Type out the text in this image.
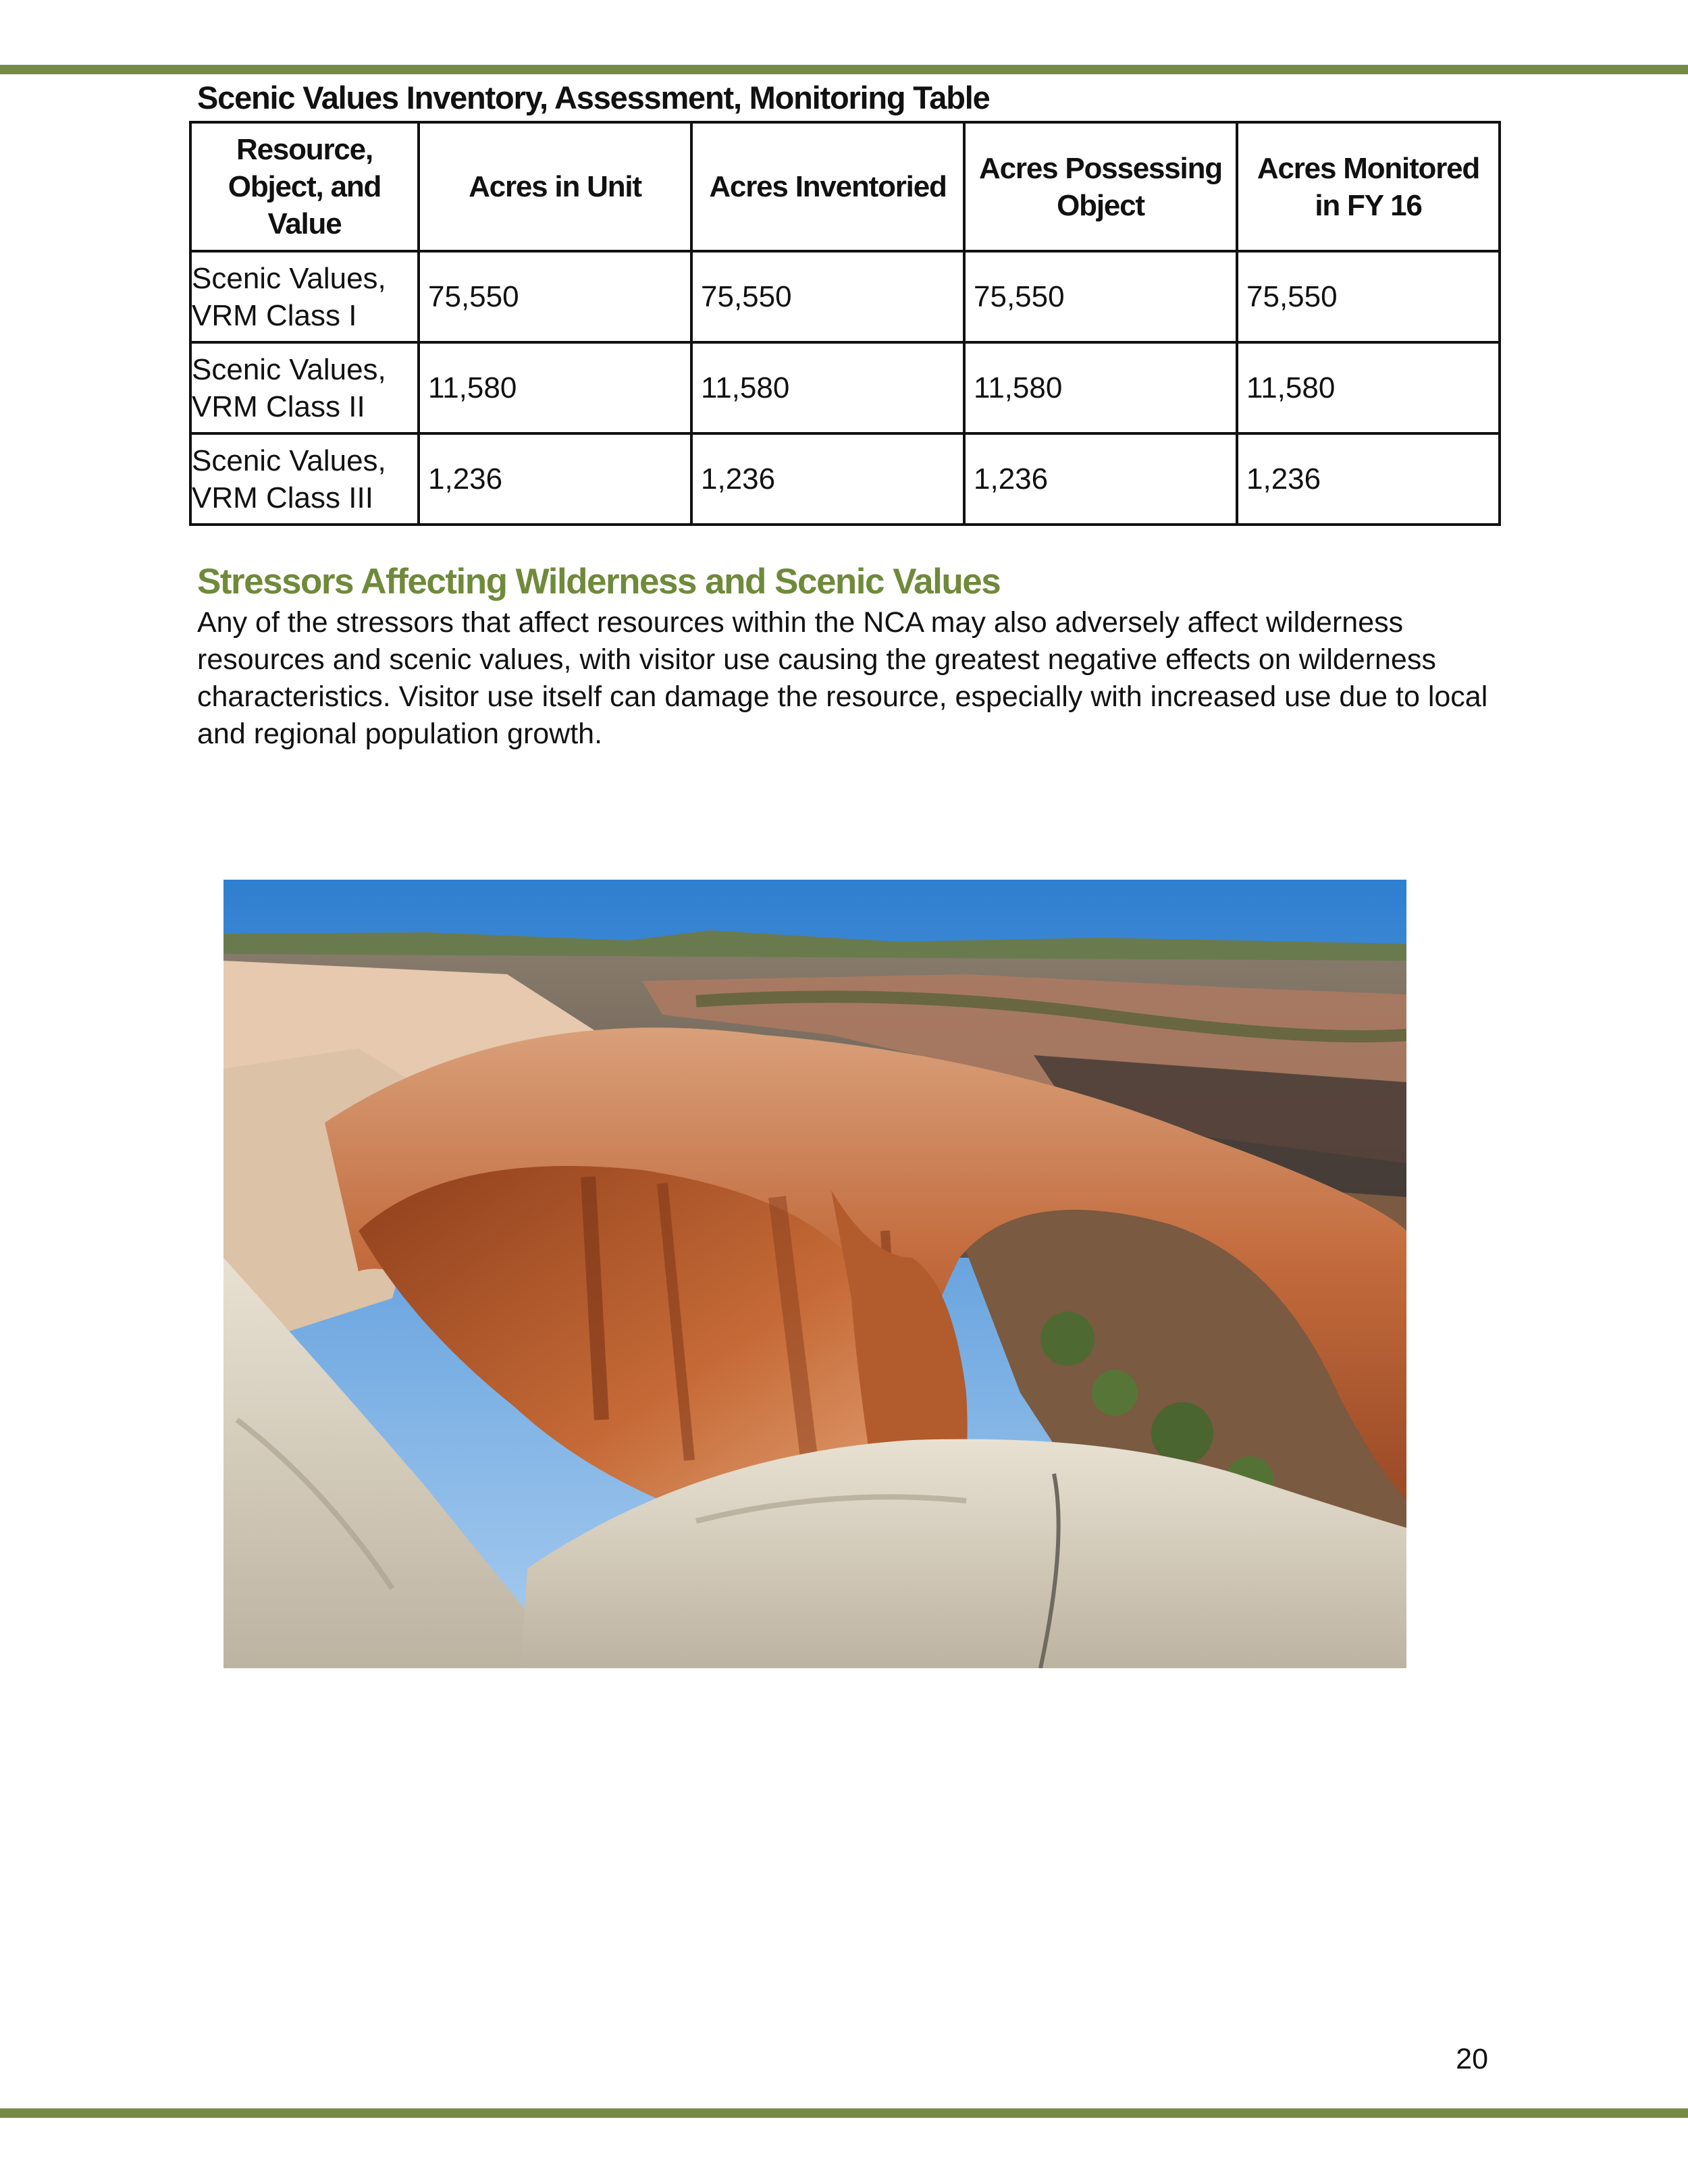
Scenic Values Inventory, Assessment, Monitoring Table
Resource, Object, and Value	Acres in Unit	Acres Inventoried	Acres Possessing Object	Acres Monitored in FY 16
Scenic Values, VRM Class I	75,550	75,550	75,550	75,550
Scenic Values, VRM Class II	11,580	11,580	11,580	11,580
Scenic Values, VRM Class III	1,236	1,236	1,236	1,236
Stressors Affecting Wilderness and Scenic Values

Any of the stressors that affect resources within the NCA may also adversely affect wilderness resources and scenic values, with visitor use causing the greatest negative effects on wilderness characteristics. Visitor use itself can damage the resource, especially with increased use due to local and regional population growth.

20
